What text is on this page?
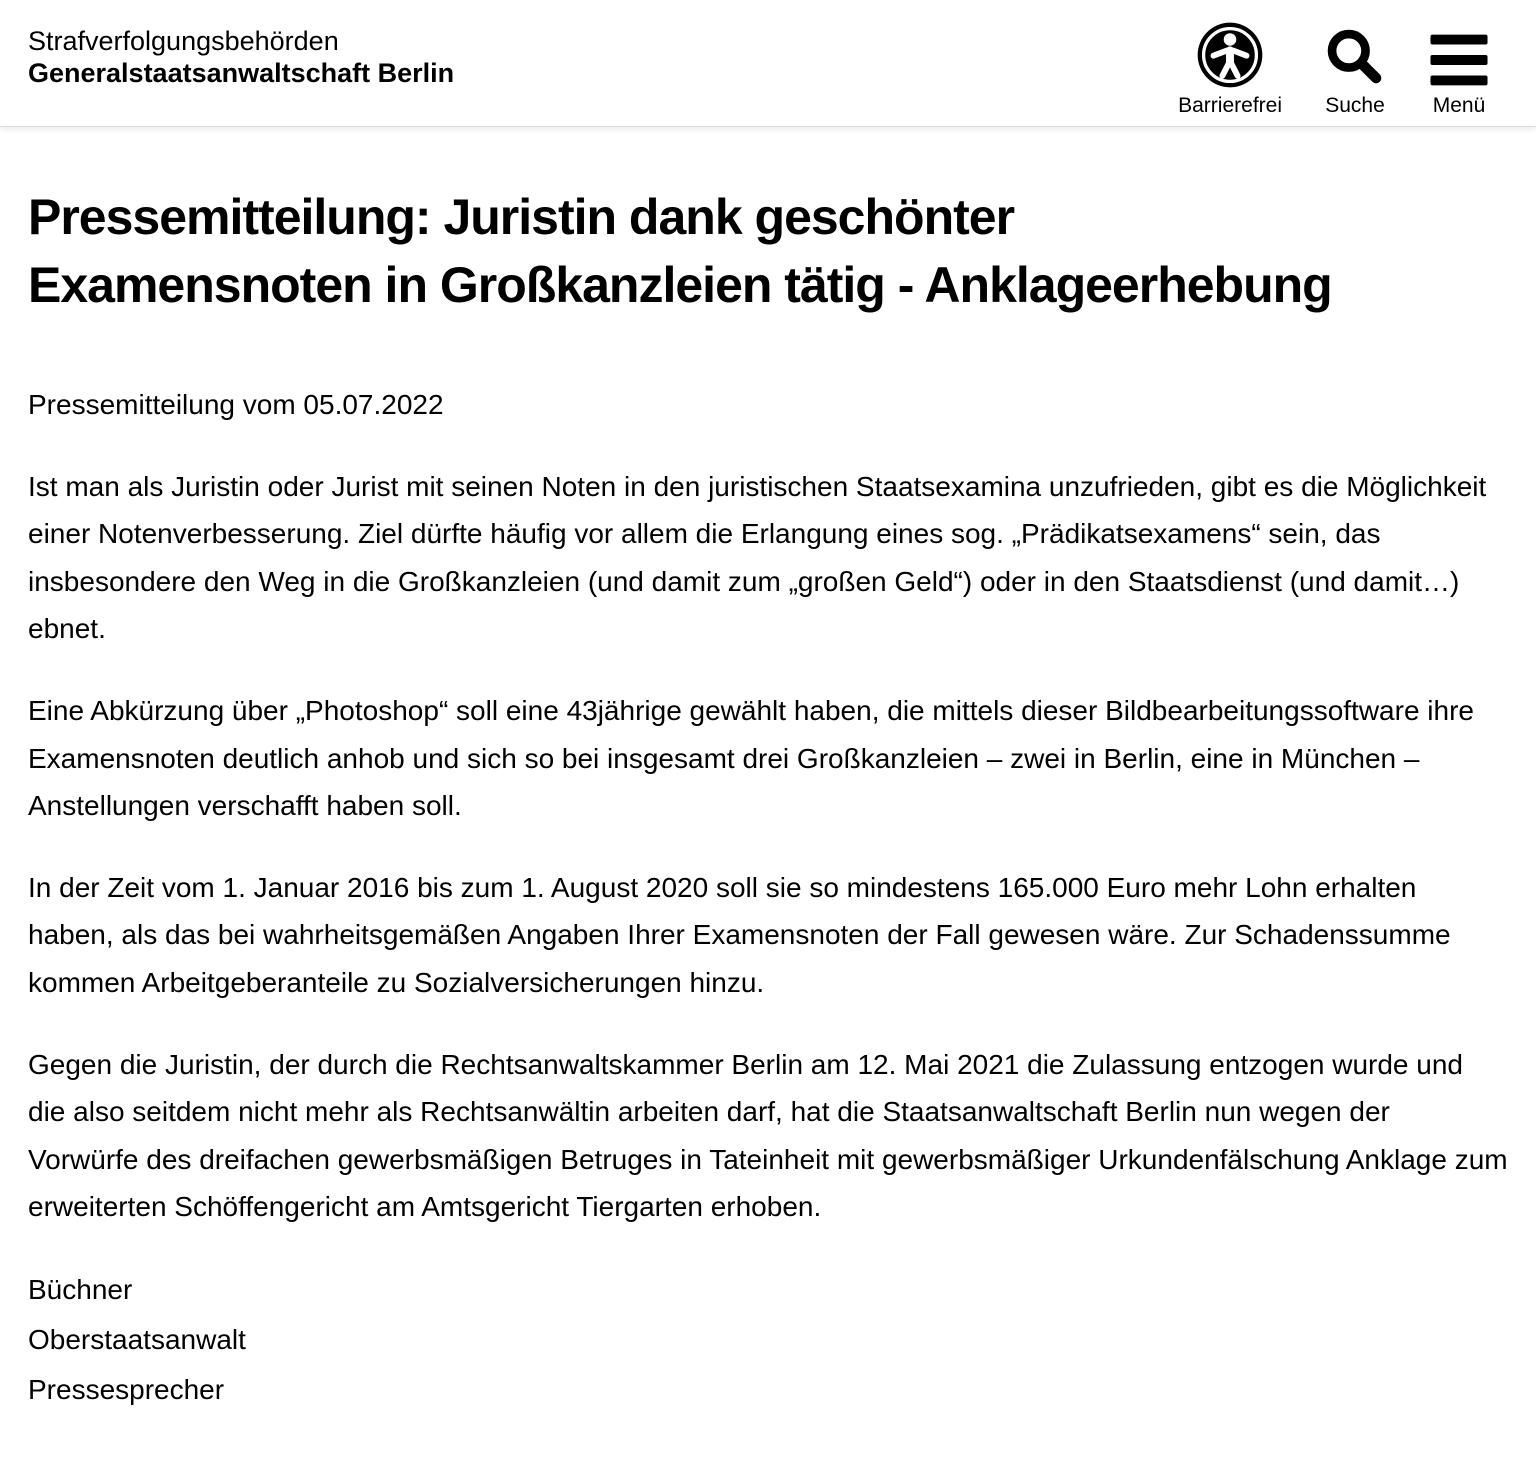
Strafverfolgungsbehörden
Generalstaatsanwaltschaft Berlin
Barrierefrei Suche Menü
Pressemitteilung: Juristin dank geschönter
Examensnoten in Großkanzleien tätig - Anklageerhebung

Pressemitteilung vom 05.07.2022

Ist man als Juristin oder Jurist mit seinen Noten in den juristischen Staatsexamina unzufrieden, gibt es die Möglichkeit einer Notenverbesserung. Ziel dürfte häufig vor allem die Erlangung eines sog. „Prädikatsexamens“ sein, das insbesondere den Weg in die Großkanzleien (und damit zum „großen Geld“) oder in den Staatsdienst (und damit…) ebnet.

Eine Abkürzung über „Photoshop“ soll eine 43jährige gewählt haben, die mittels dieser Bildbearbeitungssoftware ihre Examensnoten deutlich anhob und sich so bei insgesamt drei Großkanzleien – zwei in Berlin, eine in München – Anstellungen verschafft haben soll.

In der Zeit vom 1. Januar 2016 bis zum 1. August 2020 soll sie so mindestens 165.000 Euro mehr Lohn erhalten haben, als das bei wahrheitsgemäßen Angaben Ihrer Examensnoten der Fall gewesen wäre. Zur Schadenssumme kommen Arbeitgeberanteile zu Sozialversicherungen hinzu.

Gegen die Juristin, der durch die Rechtsanwaltskammer Berlin am 12. Mai 2021 die Zulassung entzogen wurde und die also seitdem nicht mehr als Rechtsanwältin arbeiten darf, hat die Staatsanwaltschaft Berlin nun wegen der Vorwürfe des dreifachen gewerbsmäßigen Betruges in Tateinheit mit gewerbsmäßiger Urkundenfälschung Anklage zum erweiterten Schöffengericht am Amtsgericht Tiergarten erhoben.

Büchner
Oberstaatsanwalt
Pressesprecher
